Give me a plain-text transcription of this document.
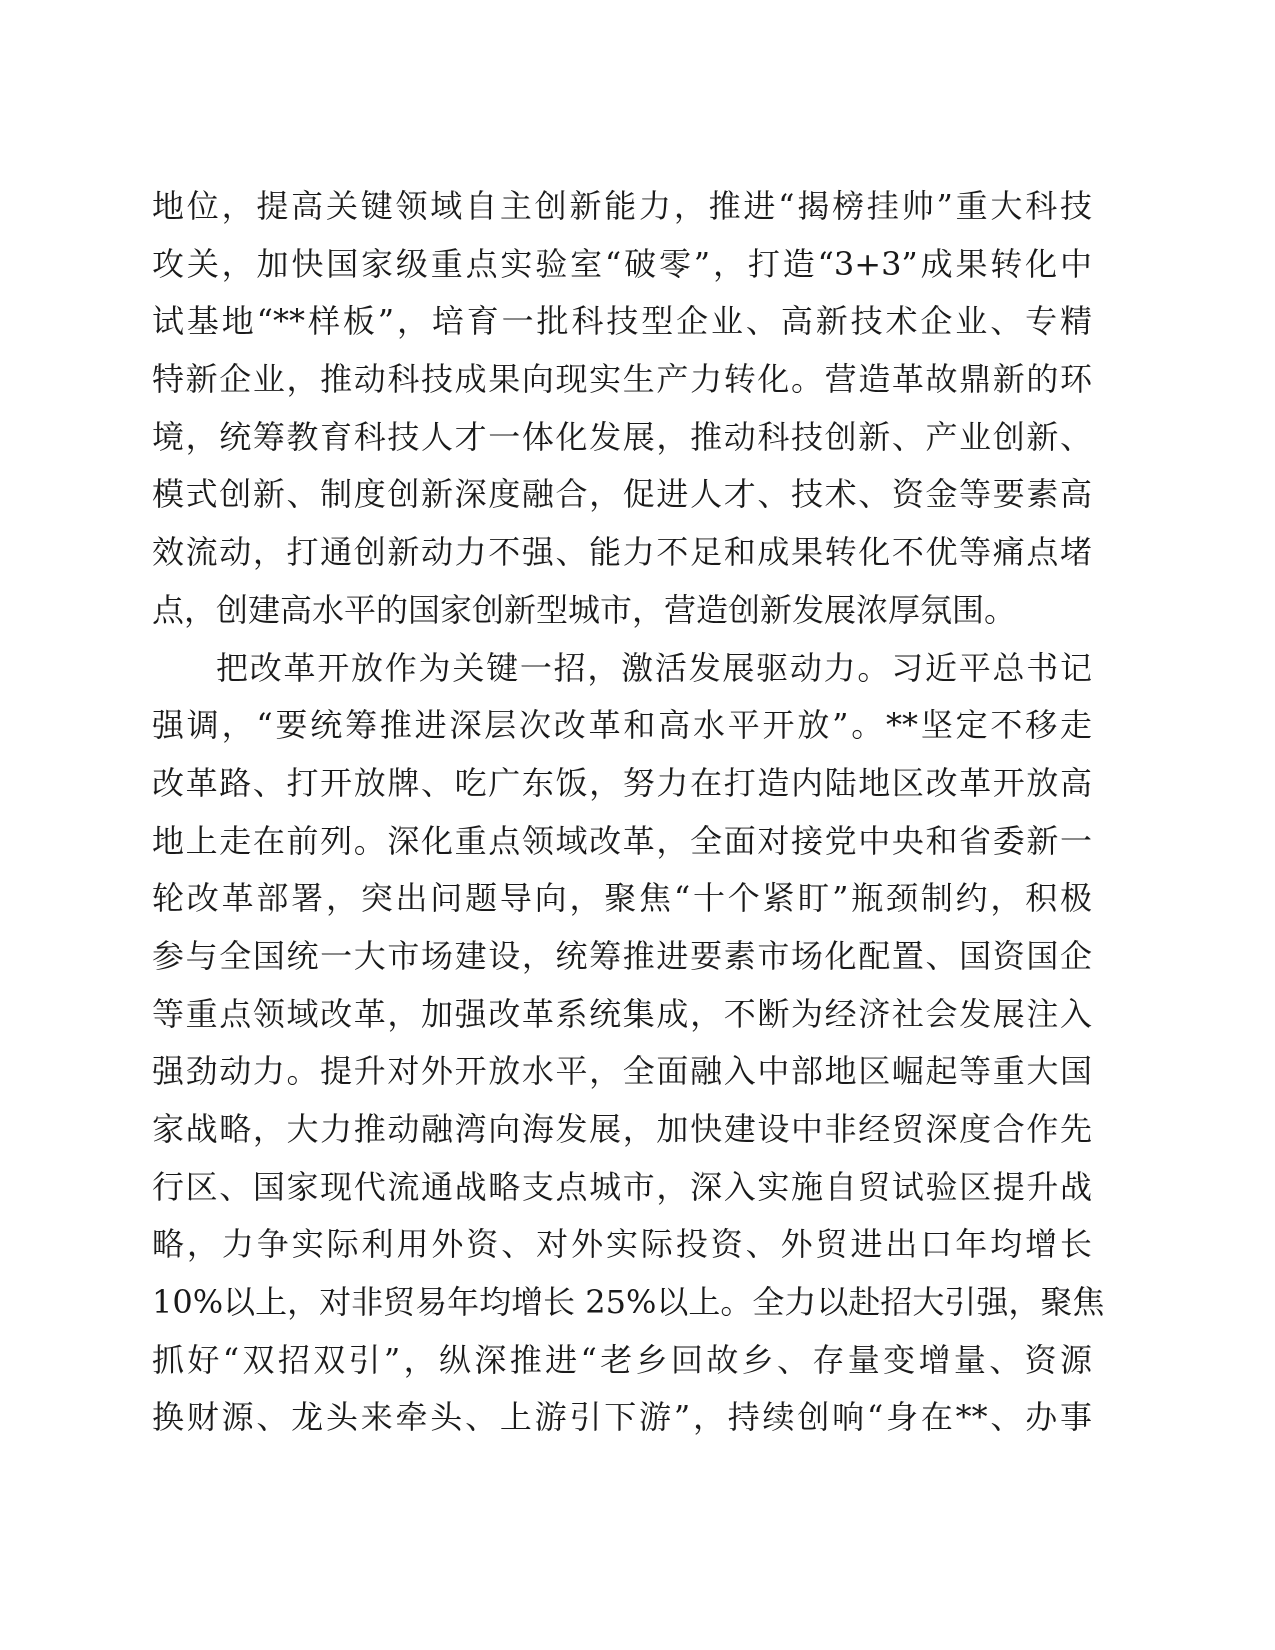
地位，提高关键领域自主创新能力，推进“揭榜挂帅”重大科技
攻关，加快国家级重点实验室“破零”，打造“3+3”成果转化中
试基地“**样板”，培育一批科技型企业、高新技术企业、专精
特新企业，推动科技成果向现实生产力转化。营造革故鼎新的环
境，统筹教育科技人才一体化发展，推动科技创新、产业创新、
模式创新、制度创新深度融合，促进人才、技术、资金等要素高
效流动，打通创新动力不强、能力不足和成果转化不优等痛点堵
点，创建高水平的国家创新型城市，营造创新发展浓厚氛围。
把改革开放作为关键一招，激活发展驱动力。习近平总书记
强调，“要统筹推进深层次改革和高水平开放”。**坚定不移走
改革路、打开放牌、吃广东饭，努力在打造内陆地区改革开放高
地上走在前列。深化重点领域改革，全面对接党中央和省委新一
轮改革部署，突出问题导向，聚焦“十个紧盯”瓶颈制约，积极
参与全国统一大市场建设，统筹推进要素市场化配置、国资国企
等重点领域改革，加强改革系统集成，不断为经济社会发展注入
强劲动力。提升对外开放水平，全面融入中部地区崛起等重大国
家战略，大力推动融湾向海发展，加快建设中非经贸深度合作先
行区、国家现代流通战略支点城市，深入实施自贸试验区提升战
略，力争实际利用外资、对外实际投资、外贸进出口年均增长
10%以上，对非贸易年均增长 25%以上。全力以赴招大引强，聚焦
抓好“双招双引”，纵深推进“老乡回故乡、存量变增量、资源
换财源、龙头来牵头、上游引下游”，持续创响“身在**、办事
